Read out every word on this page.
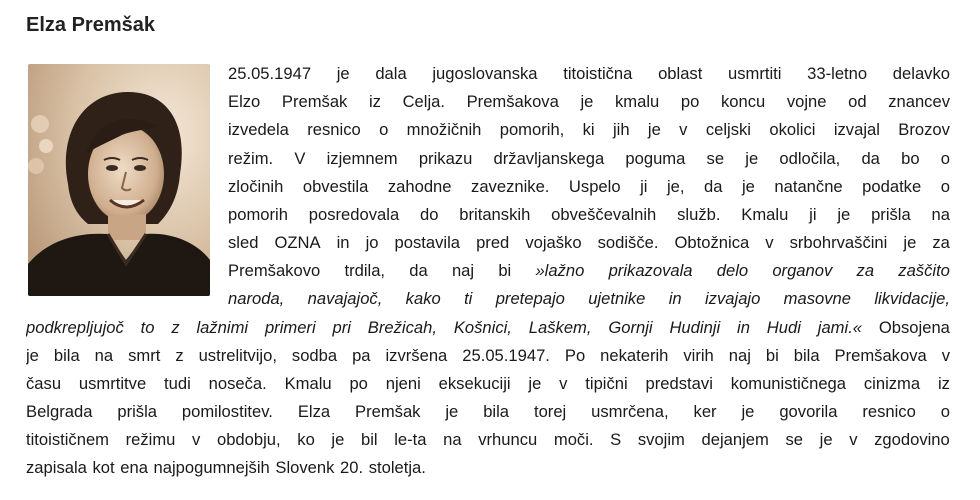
Elza Premšak
25.05.1947 je dala jugoslovanska titoistična oblast usmrtiti 33-letno delavko
Elzo Premšak iz Celja. Premšakova je kmalu po koncu vojne od znancev
izvedela resnico o množičnih pomorih, ki jih je v celjski okolici izvajal Brozov
režim. V izjemnem prikazu državljanskega poguma se je odločila, da bo o
zločinih obvestila zahodne zaveznike. Uspelo ji je, da je natančne podatke o
pomorih posredovala do britanskih obveščevalnih služb. Kmalu ji je prišla na
sled OZNA in jo postavila pred vojaško sodišče. Obtožnica v srbohrvaščini je za
Premšakovo trdila, da naj bi »lažno prikazovala delo organov za zaščito
naroda, navajajoč, kako ti pretepajo ujetnike in izvajajo masovne likvidacije,
podkrepljujoč to z lažnimi primeri pri Brežicah, Košnici, Laškem, Gornji Hudinji in Hudi jami.« Obsojena
je bila na smrt z ustrelitvijo, sodba pa izvršena 25.05.1947. Po nekaterih virih naj bi bila Premšakova v
času usmrtitve tudi noseča. Kmalu po njeni eksekuciji je v tipični predstavi komunističnega cinizma iz
Belgrada prišla pomilostitev. Elza Premšak je bila torej usmrčena, ker je govorila resnico o
titoističnem režimu v obdobju, ko je bil le-ta na vrhuncu moči. S svojim dejanjem se je v zgodovino
zapisala kot ena najpogumnejših Slovenk 20. stoletja.
